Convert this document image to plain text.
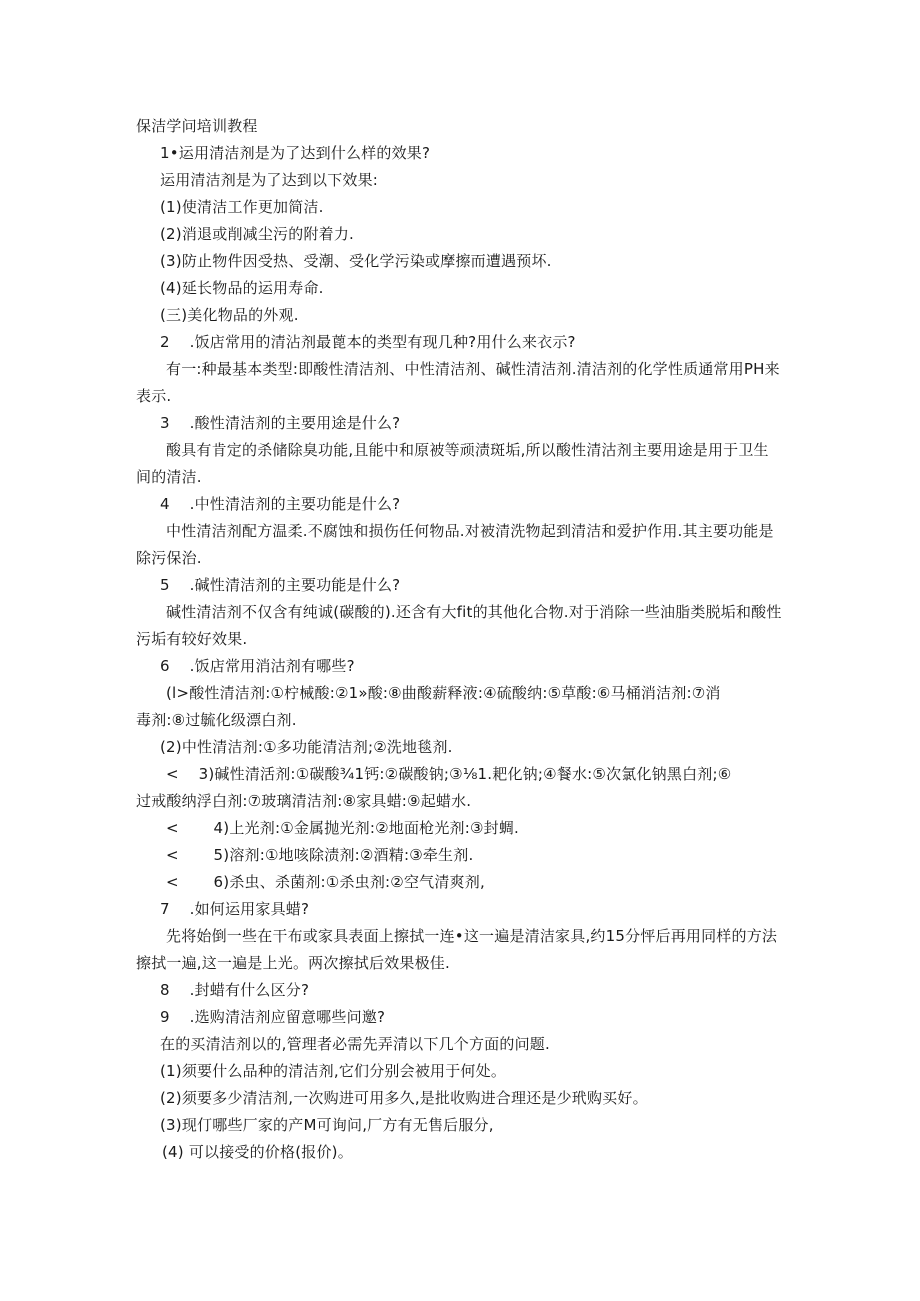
保洁学问培训教程
1•运用清洁剂是为了达到什么样的效果?
运用清洁剂是为了达到以下效果:
(1)使清洁工作更加简洁.
(2)消退或削减尘污的附着力.
(3)防止物件因受热、受潮、受化学污染或摩擦而遭遇预坏.
(4)延长物品的运用寿命.
(三)美化物品的外观.
2    .饭店常用的清沾剂最蓖本的类型有现几种?用什么来衣示?
有一:种最基本类型:即酸性清洁剂、中性清洁剂、碱性清洁剂.清洁剂的化学性质通常用PH来
表示.
3    .酸性清洁剂的主要用途是什么?
酸具有肯定的杀储除臭功能,且能中和原被等顽渍斑垢,所以酸性清沽剂主要用途是用于卫生
间的清洁.
4    .中性清洁剂的主要功能是什么?
中性清洁剂配方温柔.不腐蚀和损伤任何物品.对被清洗物起到清洁和爱护作用.其主要功能是
除污保治.
5    .碱性清洁剂的主要功能是什么?
碱性清洁剂不仅含有纯诚(碳酸的).还含有大fit的其他化合物.对于消除一些油脂类脱垢和酸性
污垢有较好效果.
6    .饭店常用消沽剂有哪些?
(l>酸性清洁剂:①柠械酸:②1»酸:⑧曲酸薪释液:④硫酸纳:⑤草酸:⑥马桶消洁剂:⑦消
毒剂:⑧过毓化级漂白剂.
(2)中性清洁剂:①多功能清洁剂;②洗地毯剂.
<    3)碱性清活剂:①碳酸¾1钙:②碳酸钠;③⅛1.耙化钠;④餐水:⑤次氯化钠黑白剂;⑥
过戒酸纳浮白剂:⑦玻璃清洁剂:⑧家具蜡:⑨起蜡水.
<       4)上光剂:①金属抛光剂:②地面枪光剂:③封蜩.
<       5)溶剂:①地咳除渍剂:②酒精:③牵生剂.
<       6)杀虫、杀菌剂:①杀虫剂:②空气清爽剂,
7    .如何运用家具蜡?
先将始倒一些在干布或家具表面上擦拭一连•这一遍是清洁家具,约15分怦后再用同样的方法
擦拭一遍,这一遍是上光。两次擦拭后效果极佳.
8    .封蜡有什么区分?
9    .选购清洁剂应留意哪些问邀?
在的买清洁剂以的,管理者必需先弄清以下几个方面的问题.
(1)须要什么品种的清洁剂,它们分别会被用于何处。
(2)须要多少清洁剂,一次购进可用多久,是批收购进合理还是少玳购买好。
(3)现仃哪些厂家的产M可询问,厂方有无售后服分,
(4) 可以接受的价格(报价)。
